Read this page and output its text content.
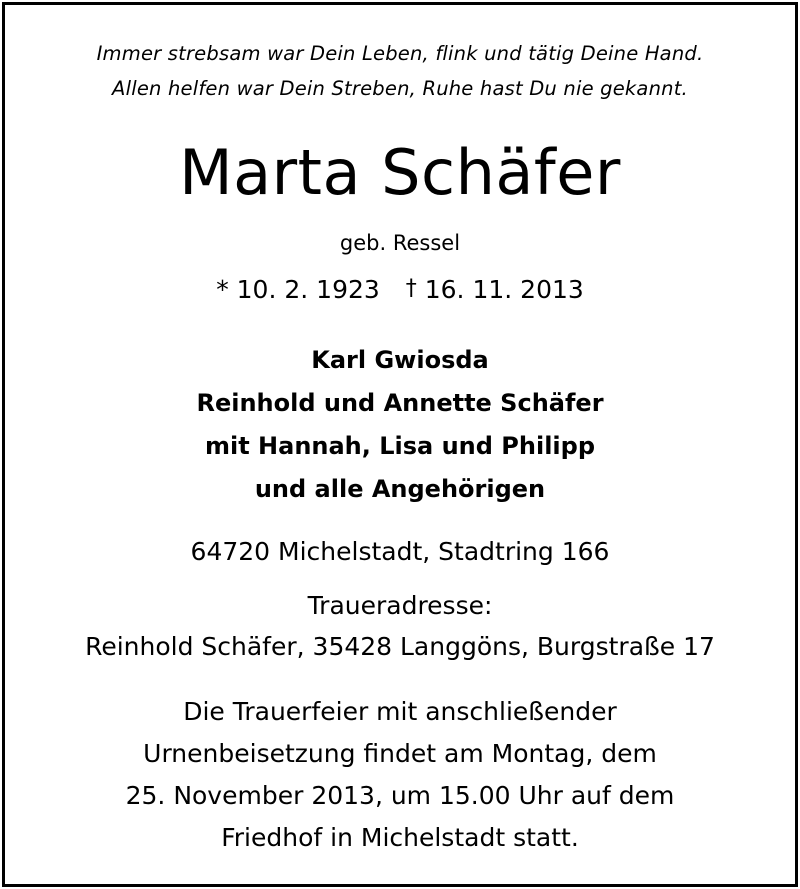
Immer strebsam war Dein Leben, flink und tätig Deine Hand.
Allen helfen war Dein Streben, Ruhe hast Du nie gekannt.
Marta Schäfer
geb. Ressel
* 10. 2. 1923 † 16. 11. 2013
Karl Gwiosda
Reinhold und Annette Schäfer
mit Hannah, Lisa und Philipp
und alle Angehörigen
64720 Michelstadt, Stadtring 166
Traueradresse:
Reinhold Schäfer, 35428 Langgöns, Burgstraße 17
Die Trauerfeier mit anschließender
Urnenbeisetzung findet am Montag, dem
25. November 2013, um 15.00 Uhr auf dem
Friedhof in Michelstadt statt.
